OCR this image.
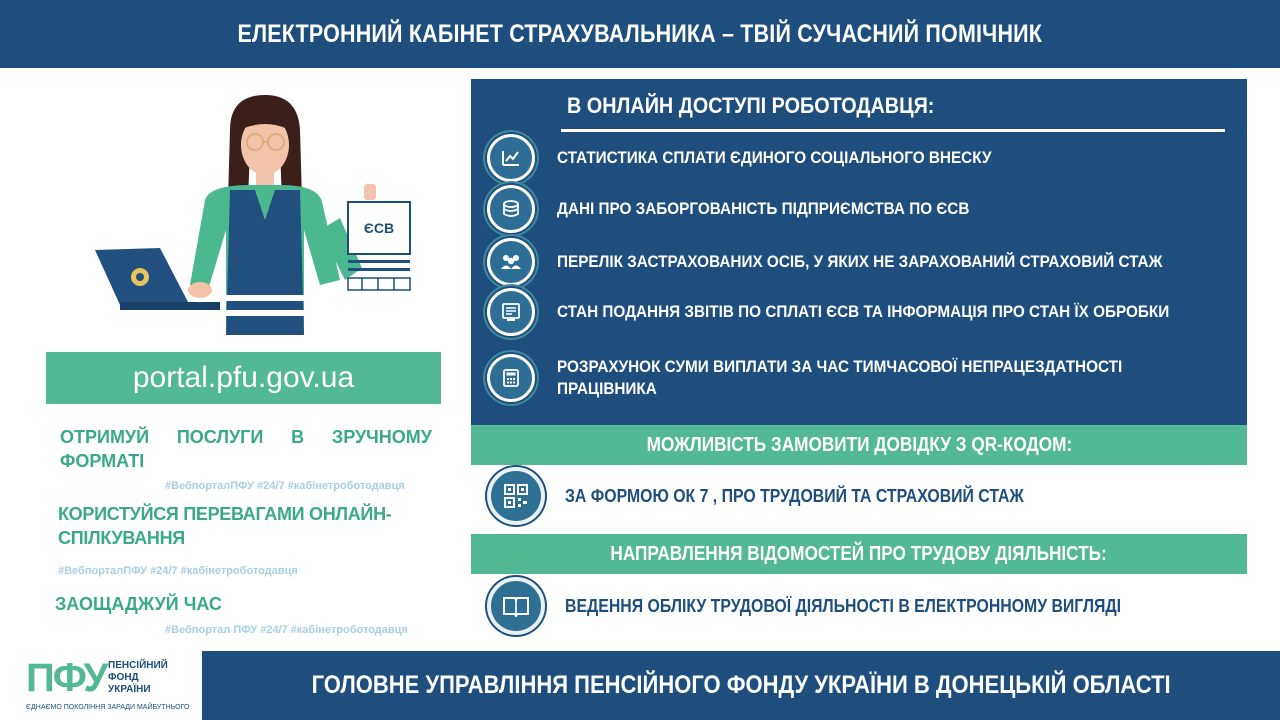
ЕЛЕКТРОННИЙ КАБІНЕТ СТРАХУВАЛЬНИКА – ТВІЙ СУЧАСНИЙ ПОМІЧНИК
ЄСВ
portal.pfu.gov.ua
ОТРИМУЙ ПОСЛУГИ В ЗРУЧНОМУ ФОРМАТІ
#ВебпорталПФУ #24/7 #кабінетроботодавця
КОРИСТУЙСЯ ПЕРЕВАГАМИ ОНЛАЙН-СПІЛКУВАННЯ
#ВебпорталПФУ #24/7 #кабінетроботодавця
ЗАОЩАДЖУЙ ЧАС
#Вебпортал ПФУ #24/7 #кабінетроботодавця
В ОНЛАЙН ДОСТУПІ РОБОТОДАВЦЯ:
СТАТИСТИКА СПЛАТИ ЄДИНОГО СОЦІАЛЬНОГО ВНЕСКУ
ДАНІ ПРО ЗАБОРГОВАНІСТЬ ПІДПРИЄМСТВА ПО ЄСВ
ПЕРЕЛІК ЗАСТРАХОВАНИХ ОСІБ, У ЯКИХ НЕ ЗАРАХОВАНИЙ СТРАХОВИЙ СТАЖ
СТАН ПОДАННЯ ЗВІТІВ ПО СПЛАТІ ЄСВ ТА ІНФОРМАЦІЯ ПРО СТАН ЇХ ОБРОБКИ
РОЗРАХУНОК СУМИ ВИПЛАТИ ЗА ЧАС ТИМЧАСОВОЇ НЕПРАЦЕЗДАТНОСТІ
ПРАЦІВНИКА
МОЖЛИВІСТЬ ЗАМОВИТИ ДОВІДКУ З QR-КОДОМ:
ЗА ФОРМОЮ ОК 7 , ПРО ТРУДОВИЙ ТА СТРАХОВИЙ СТАЖ
НАПРАВЛЕННЯ ВІДОМОСТЕЙ ПРО ТРУДОВУ ДІЯЛЬНІСТЬ:
ВЕДЕННЯ ОБЛІКУ ТРУДОВОЇ ДІЯЛЬНОСТІ В ЕЛЕКТРОННОМУ ВИГЛЯДІ
ПФУ ПЕНСІЙНИЙ
ФОНД
УКРАЇНИ
ЄДНАЄМО ПОКОЛІННЯ ЗАРАДИ МАЙБУТНЬОГО
ГОЛОВНЕ УПРАВЛІННЯ ПЕНСІЙНОГО ФОНДУ УКРАЇНИ В ДОНЕЦЬКІЙ ОБЛАСТІ
